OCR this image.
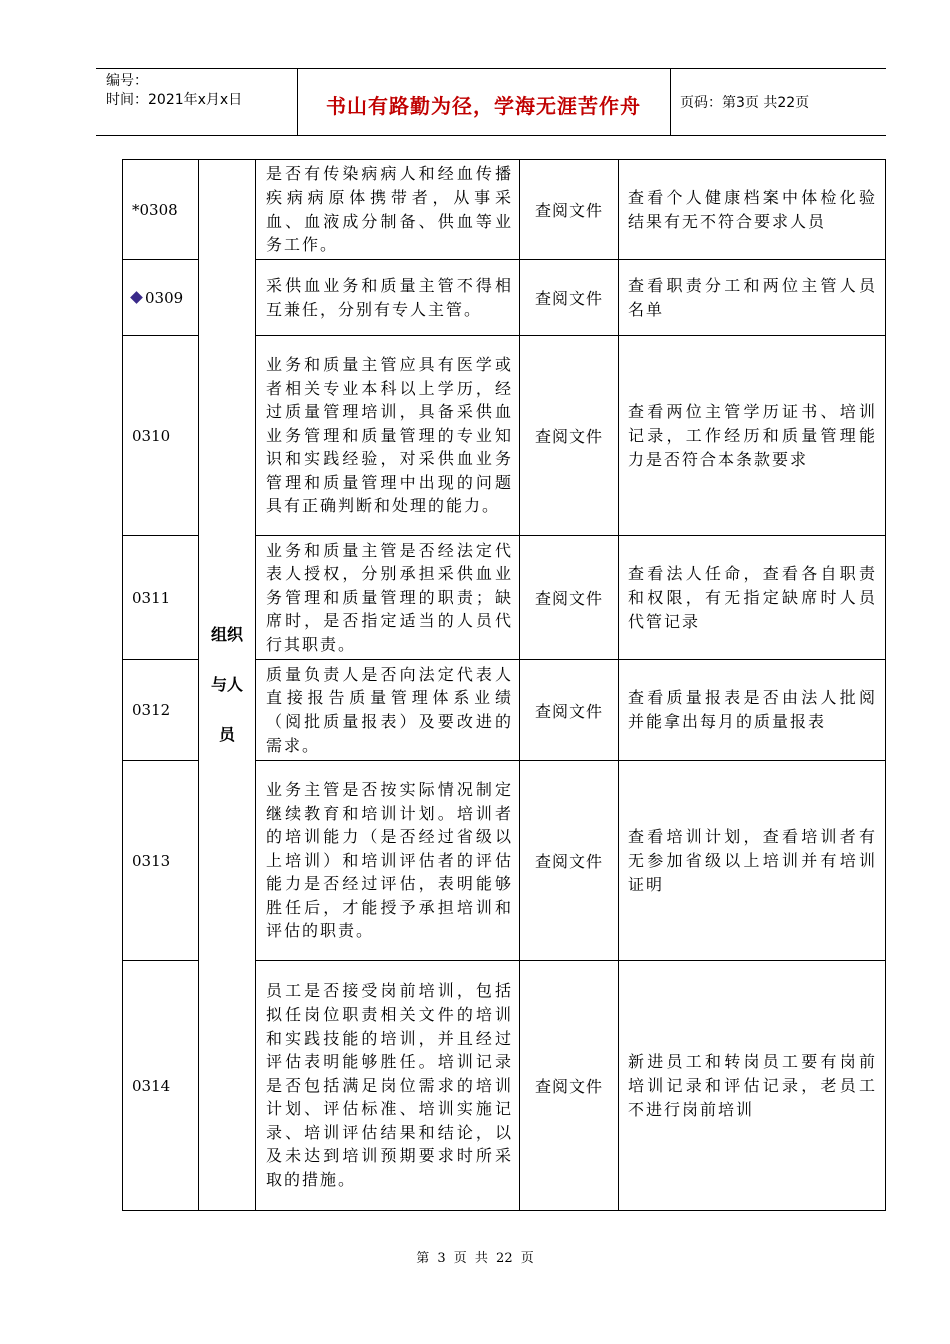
编号：
时间：2021年x月x日	书山有路勤为径，学海无涯苦作舟	页码：第3页 共22页
*0308	组织
与人
员	是否有传染病病人和经血传播疾病病原体携带者，从事采血、血液成分制备、供血等业务工作。	查阅文件	查看个人健康档案中体检化验结果有无不符合要求人员
0309		采供血业务和质量主管不得相互兼任，分别有专人主管。	查阅文件	查看职责分工和两位主管人员名单
0310		业务和质量主管应具有医学或者相关专业本科以上学历，经过质量管理培训，具备采供血业务管理和质量管理的专业知识和实践经验，对采供血业务管理和质量管理中出现的问题具有正确判断和处理的能力。	查阅文件	查看两位主管学历证书、培训记录，工作经历和质量管理能力是否符合本条款要求
0311		业务和质量主管是否经法定代表人授权，分别承担采供血业务管理和质量管理的职责；缺席时，是否指定适当的人员代行其职责。	查阅文件	查看法人任命，查看各自职责和权限，有无指定缺席时人员代管记录
0312		质量负责人是否向法定代表人直接报告质量管理体系业绩（阅批质量报表）及要改进的需求。	查阅文件	查看质量报表是否由法人批阅并能拿出每月的质量报表
0313		业务主管是否按实际情况制定继续教育和培训计划。培训者的培训能力（是否经过省级以上培训）和培训评估者的评估能力是否经过评估，表明能够胜任后，才能授予承担培训和评估的职责。	查阅文件	查看培训计划，查看培训者有无参加省级以上培训并有培训证明
0314		员工是否接受岗前培训，包括拟任岗位职责相关文件的培训和实践技能的培训，并且经过评估表明能够胜任。培训记录是否包括满足岗位需求的培训计划、评估标准、培训实施记录、培训评估结果和结论，以及未达到培训预期要求时所采取的措施。	查阅文件	新进员工和转岗员工要有岗前培训记录和评估记录，老员工不进行岗前培训
第 3 页 共 22 页
